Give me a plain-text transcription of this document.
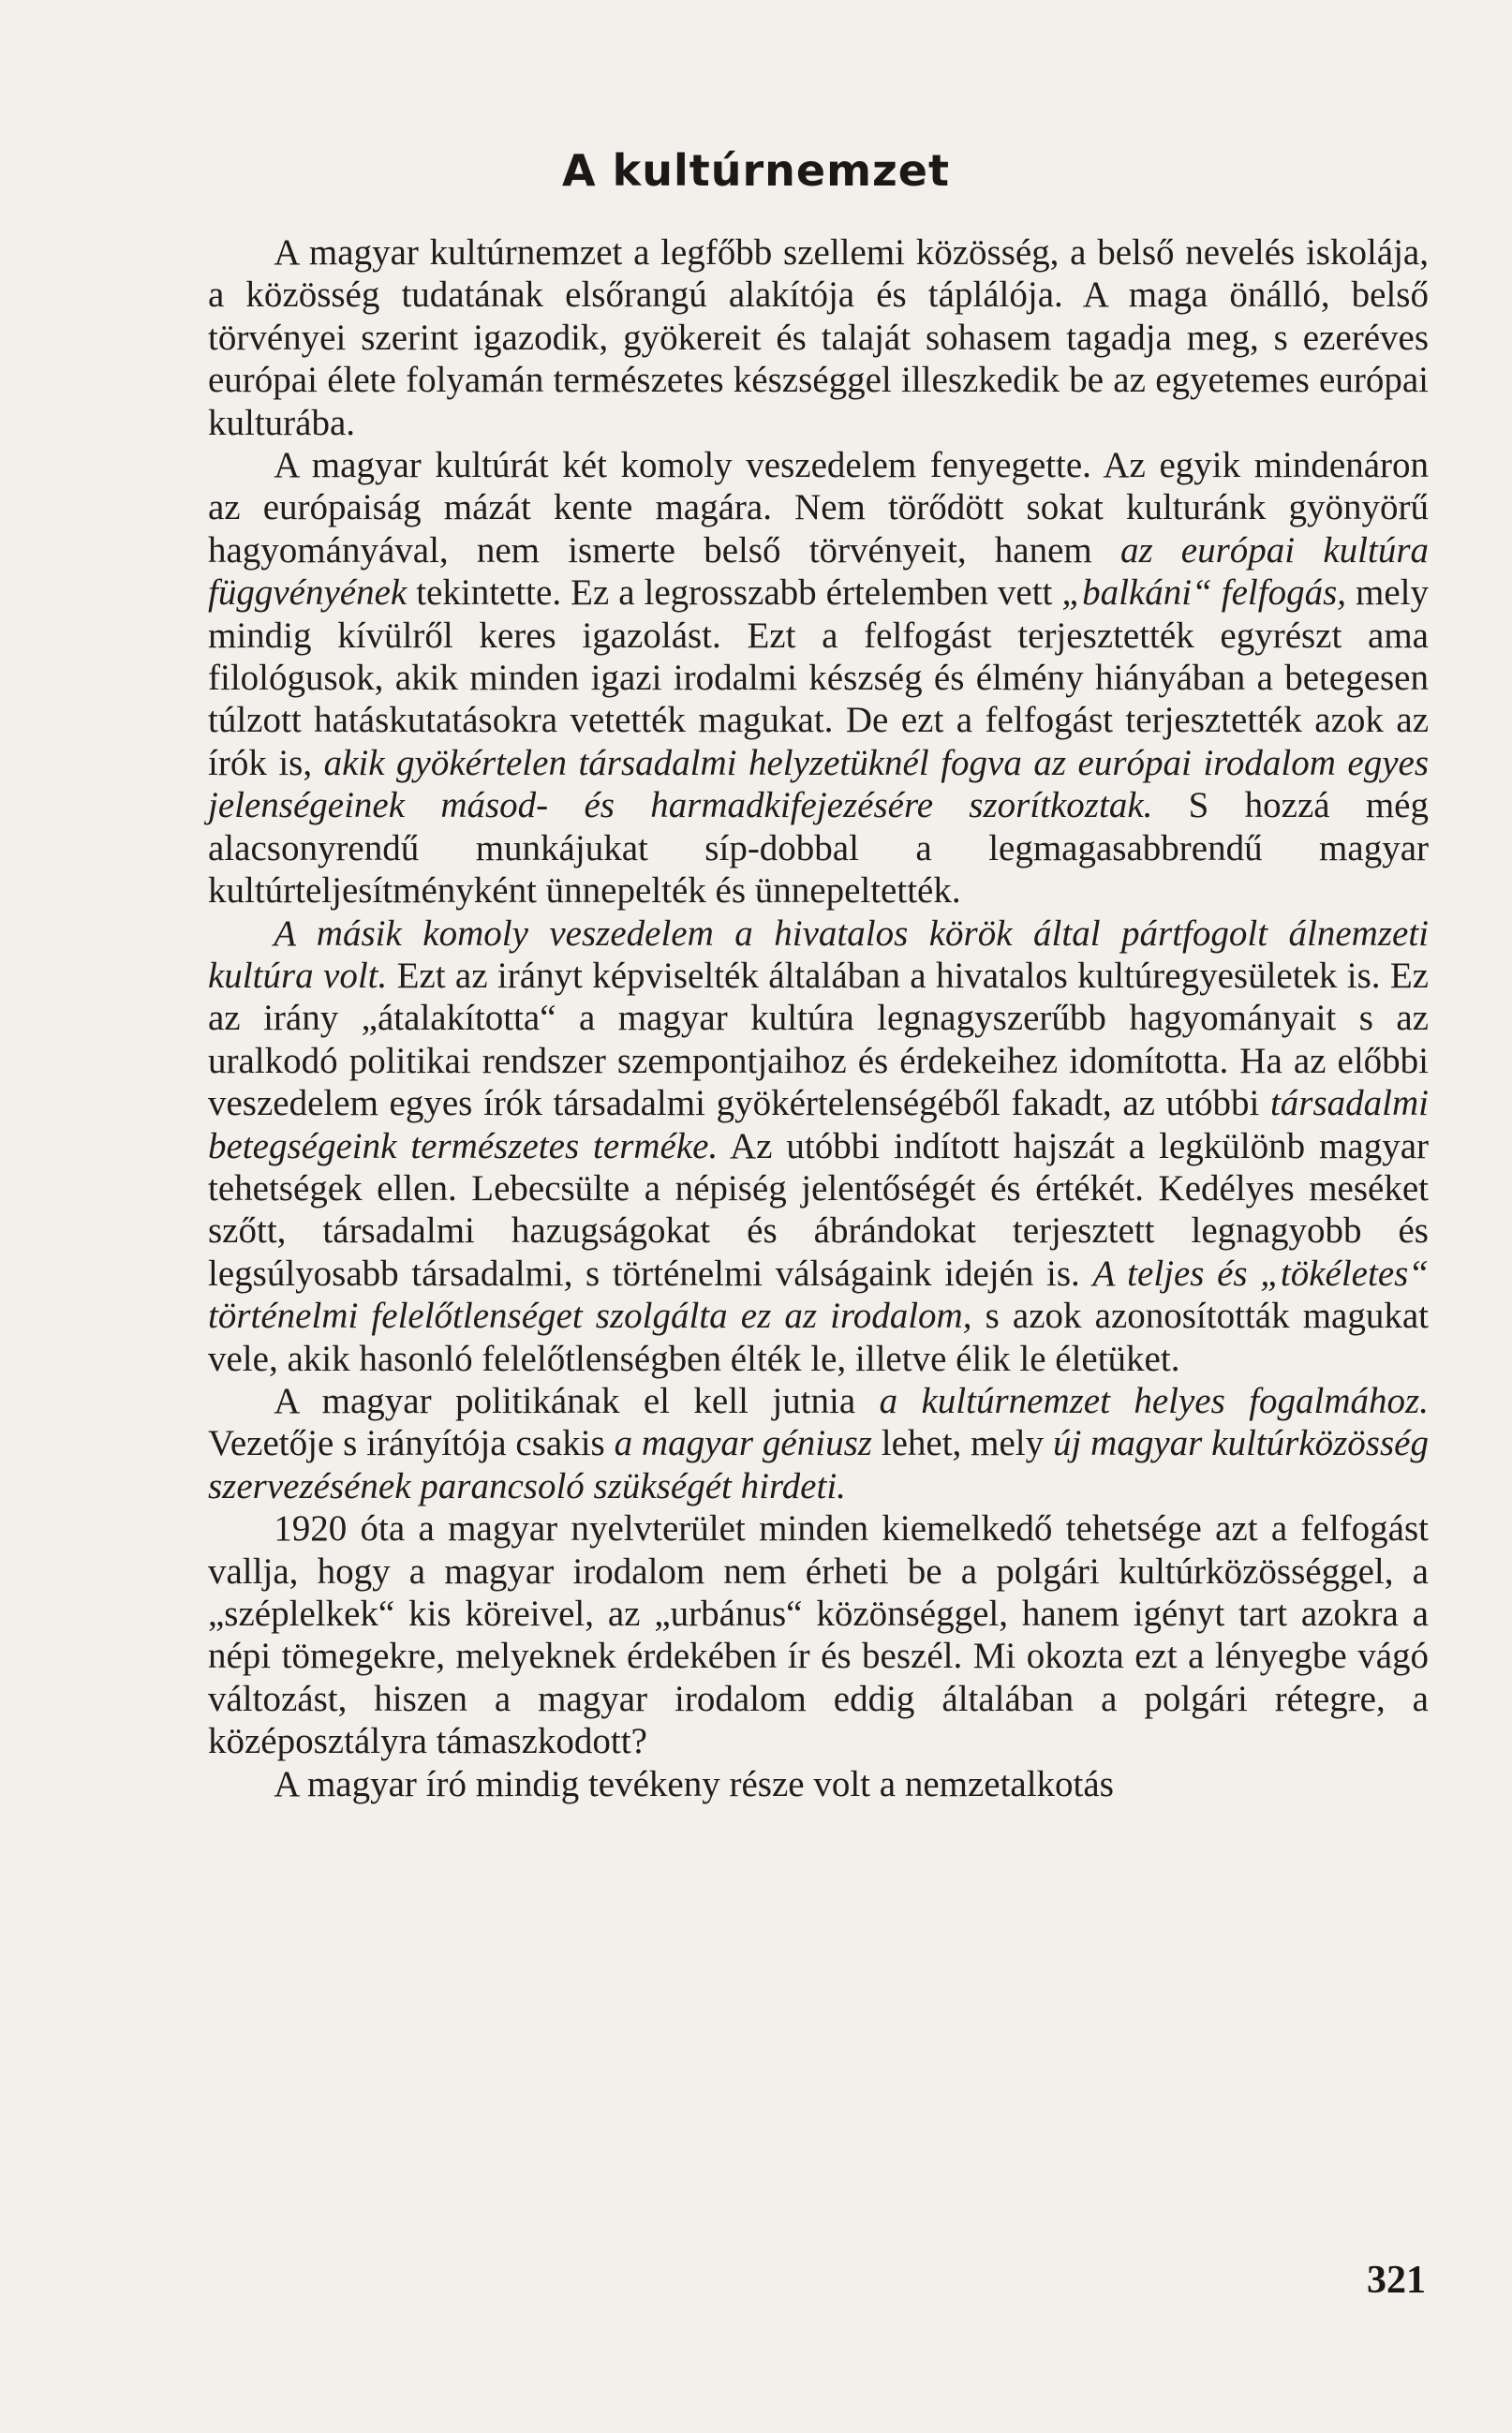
A kultúrnemzet

A magyar kultúrnemzet a legfőbb szellemi közösség, a belső nevelés iskolája, a közösség tudatának elsőrangú alakítója és táplálója. A maga önálló, belső törvényei szerint igazodik, gyökereit és talaját sohasem tagadja meg, s ezeréves európai élete folyamán természetes készséggel illeszkedik be az egyetemes európai kulturába.

A magyar kultúrát két komoly veszedelem fenyegette. Az egyik mindenáron az európaiság mázát kente magára. Nem törődött sokat kulturánk gyönyörű hagyományával, nem ismerte belső törvényeit, hanem az európai kultúra függvényének tekintette. Ez a legrosszabb értelemben vett „balkáni“ felfogás, mely mindig kívülről keres igazolást. Ezt a felfogást terjesztették egyrészt ama filológusok, akik minden igazi irodalmi készség és élmény hiányában a betegesen túlzott hatáskutatásokra vetették magukat. De ezt a felfogást terjesztették azok az írók is, akik gyökértelen társadalmi helyzetüknél fogva az európai irodalom egyes jelenségeinek másod- és harmadkifejezésére szorítkoztak. S hozzá még alacsonyrendű munkájukat síp-dobbal a legmagasabbrendű magyar kultúrteljesítményként ünnepelték és ünnepeltették.

A másik komoly veszedelem a hivatalos körök által pártfogolt álnemzeti kultúra volt. Ezt az irányt képviselték általában a hivatalos kultúregyesületek is. Ez az irány „átalakította“ a magyar kultúra legnagyszerűbb hagyományait s az uralkodó politikai rendszer szempontjaihoz és érdekeihez idomította. Ha az előbbi veszedelem egyes írók társadalmi gyökértelenségéből fakadt, az utóbbi társadalmi betegségeink természetes terméke. Az utóbbi indított hajszát a legkülönb magyar tehetségek ellen. Lebecsülte a népiség jelentőségét és értékét. Kedélyes meséket szőtt, társadalmi hazugságokat és ábrándokat terjesztett legnagyobb és legsúlyosabb társadalmi, s történelmi válságaink idején is. A teljes és „tökéletes“ történelmi felelőtlenséget szolgálta ez az irodalom, s azok azonosították magukat vele, akik hasonló felelőtlenségben élték le, illetve élik le életüket.

A magyar politikának el kell jutnia a kultúrnemzet helyes fogalmához. Vezetője s irányítója csakis a magyar géniusz lehet, mely új magyar kultúrközösség szervezésének parancsoló szükségét hirdeti.

1920 óta a magyar nyelvterület minden kiemelkedő tehetsége azt a felfogást vallja, hogy a magyar irodalom nem érheti be a polgári kultúrközösséggel, a „széplelkek“ kis köreivel, az „urbánus“ közönséggel, hanem igényt tart azokra a népi tömegekre, melyeknek érdekében ír és beszél. Mi okozta ezt a lényegbe vágó változást, hiszen a magyar irodalom eddig általában a polgári rétegre, a középosztályra támaszkodott?

A magyar író mindig tevékeny része volt a nemzetalkotás

321
